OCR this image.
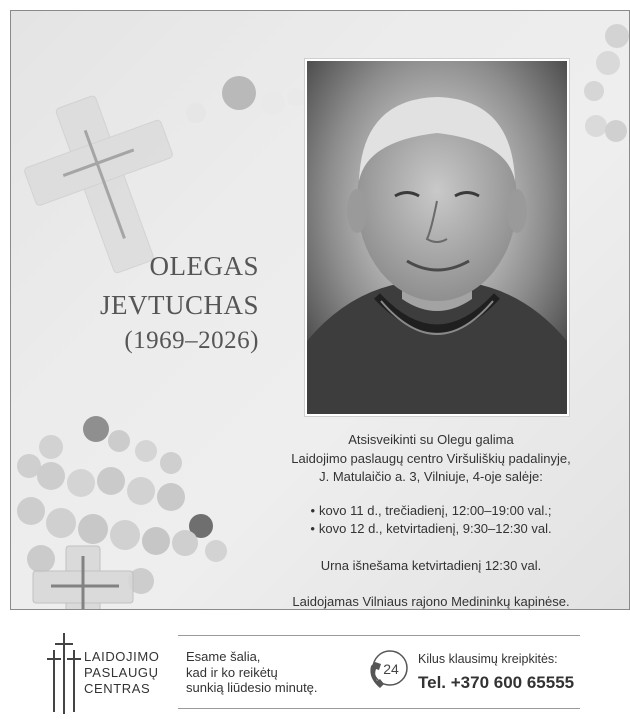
OLEGAS
JEVTUCHAS
(1969–2026)
Atsisveikinti su Olegu galima
Laidojimo paslaugų centro Viršuliškių padalinyje,
J. Matulaičio a. 3, Vilniuje, 4-oje salėje:
• kovo 11 d., trečiadienį, 12:00–19:00 val.;
• kovo 12 d., ketvirtadienį, 9:30–12:30 val.
Urna išnešama ketvirtadienį 12:30 val.
Laidojamas Vilniaus rajono Medininkų kapinėse.
LAIDOJIMO
PASLAUGŲ
CENTRAS
Esame šalia,
kad ir ko reikėtų
sunkią liūdesio minutę.
24
Kilus klausimų kreipkitės:
Tel. +370 600 65555
